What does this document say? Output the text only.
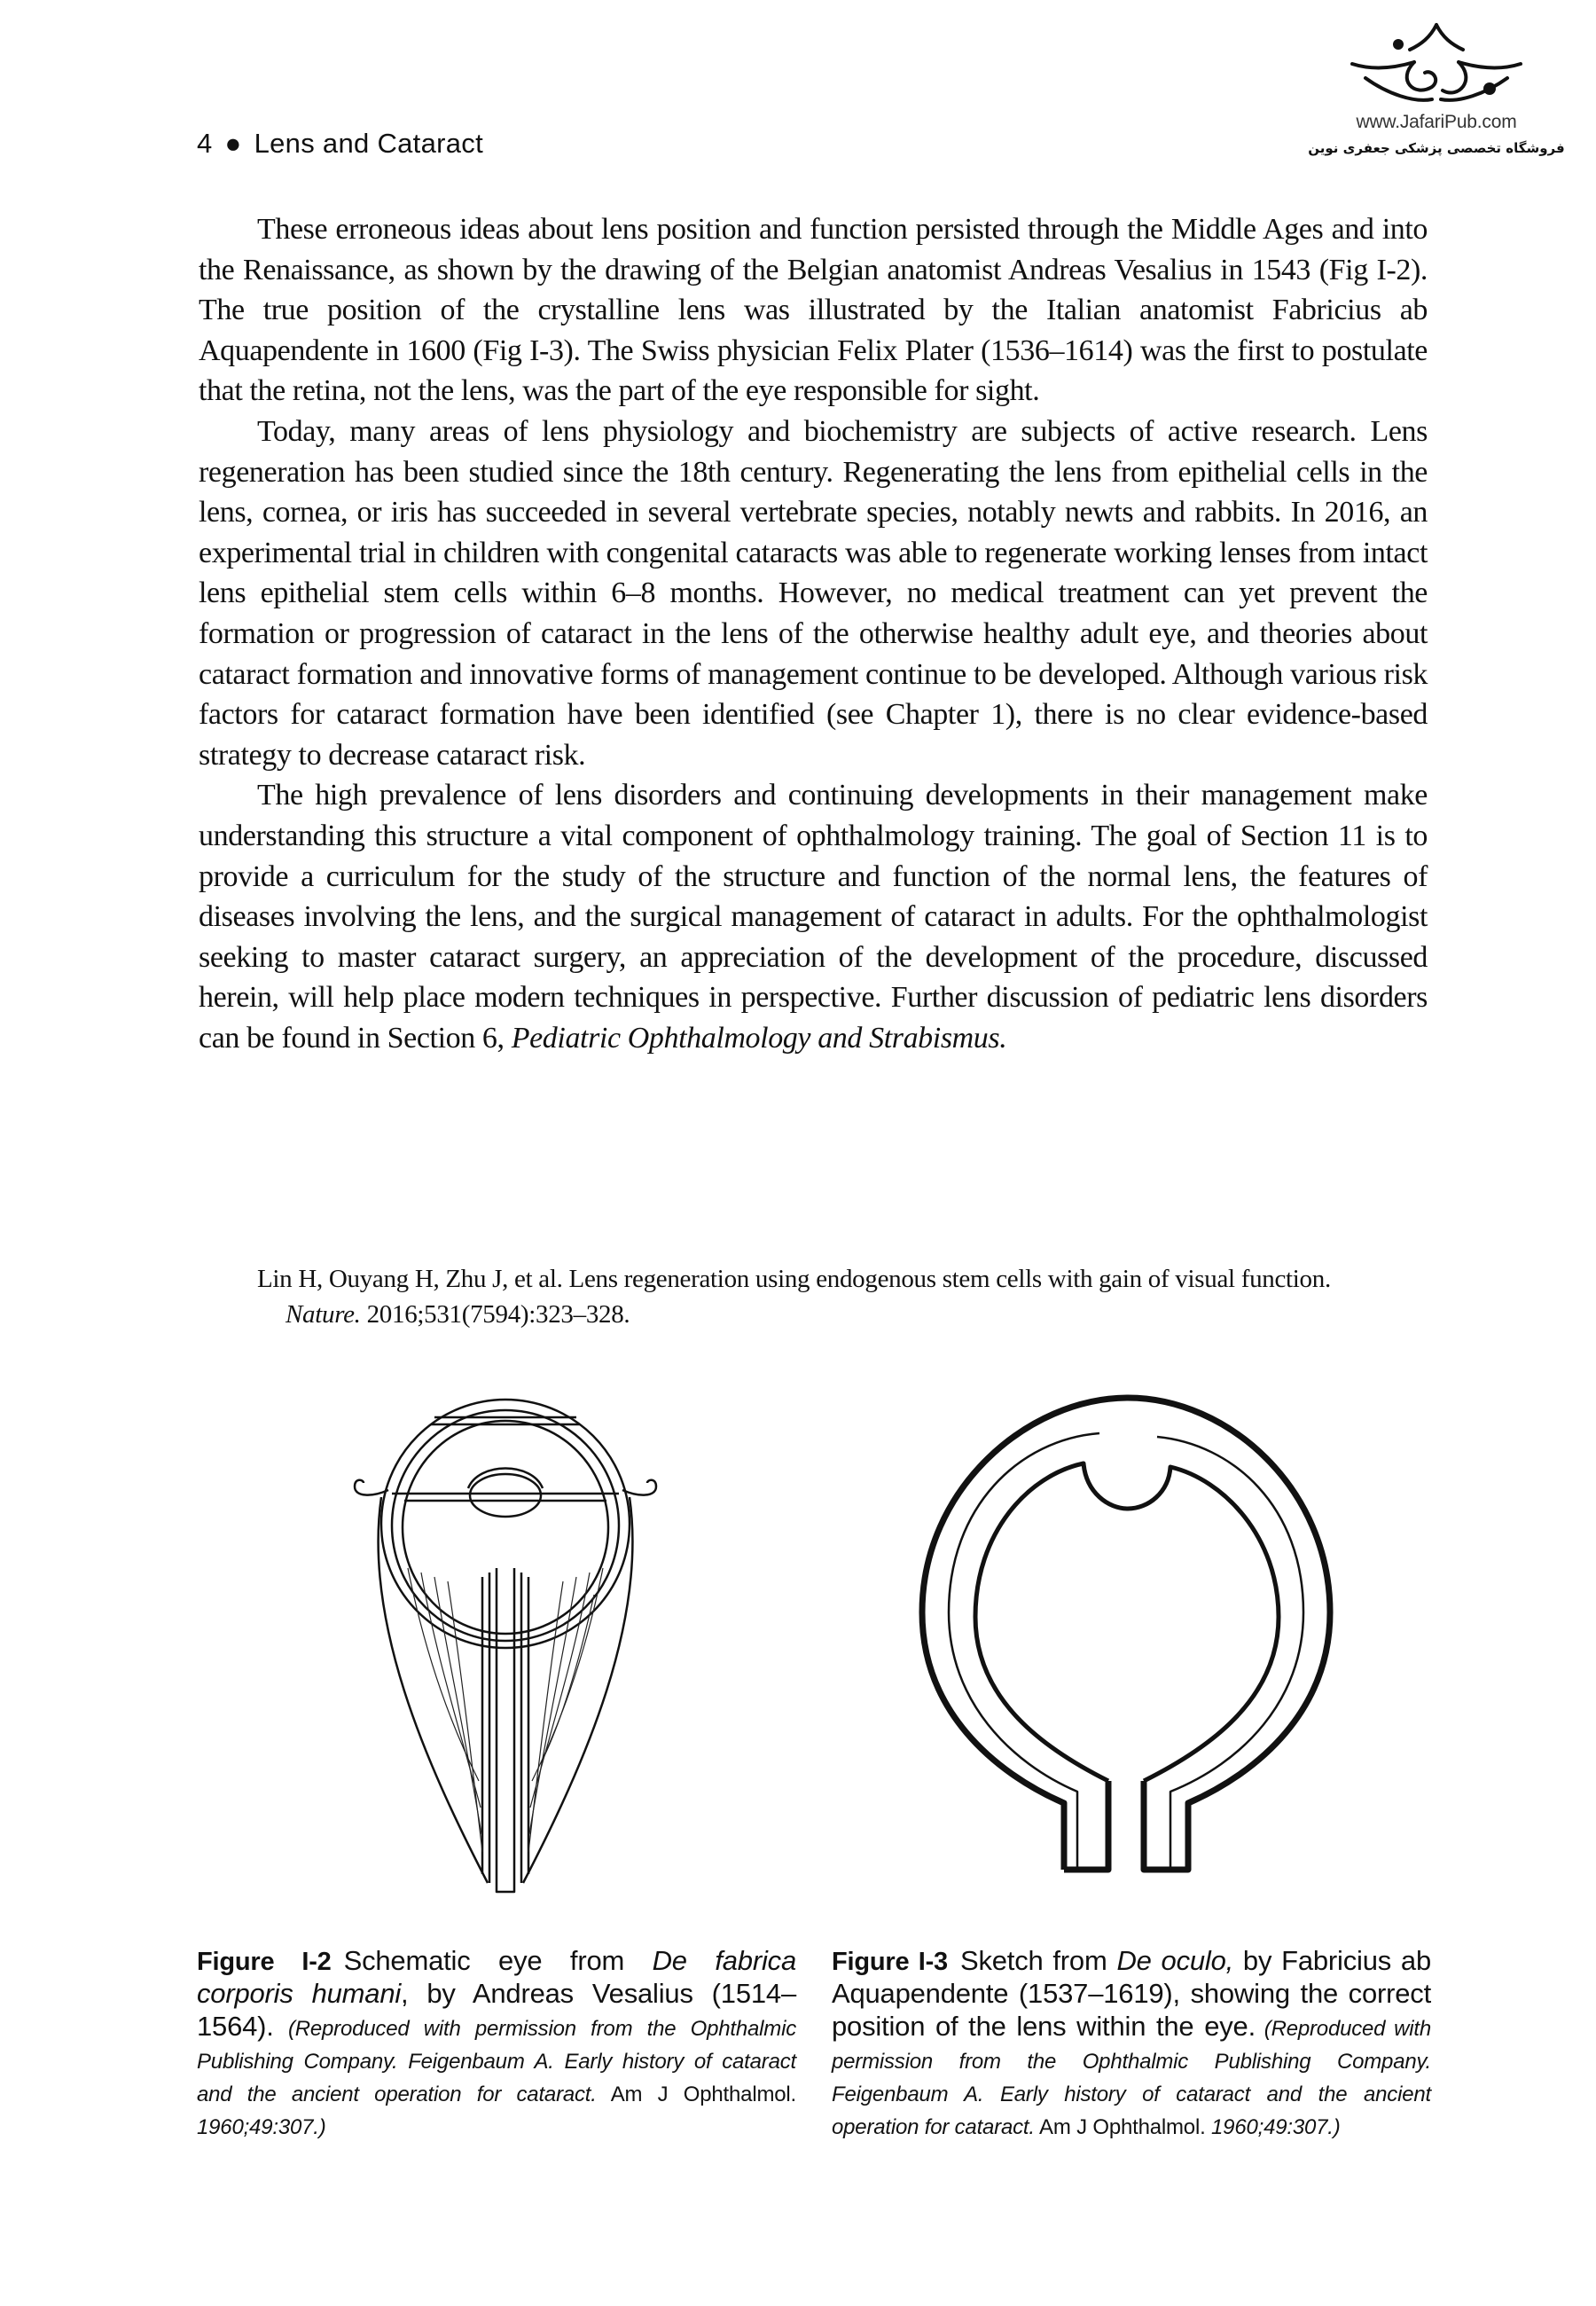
4 ● Lens and Cataract
www.JafariPub.com
فروشگاه تخصصی پزشکی جعفری نوین

These erroneous ideas about lens position and function persisted through the Middle Ages and into the Renaissance, as shown by the drawing of the Belgian anatomist Andreas Vesalius in 1543 (Fig I-2). The true position of the crystalline lens was illustrated by the Italian anatomist Fabricius ab Aquapendente in 1600 (Fig I-3). The Swiss physician Felix Plater (1536–1614) was the first to postulate that the retina, not the lens, was the part of the eye responsible for sight.

Today, many areas of lens physiology and biochemistry are subjects of active research. Lens regeneration has been studied since the 18th century. Regenerating the lens from epithelial cells in the lens, cornea, or iris has succeeded in several vertebrate species, notably newts and rabbits. In 2016, an experimental trial in children with congenital cataracts was able to regenerate working lenses from intact lens epithelial stem cells within 6–8 months. However, no medical treatment can yet prevent the formation or progression of cataract in the lens of the otherwise healthy adult eye, and theories about cataract formation and innovative forms of management continue to be developed. Although various risk factors for cataract formation have been identified (see Chapter 1), there is no clear evidence-based strategy to decrease cataract risk.

The high prevalence of lens disorders and continuing developments in their management make understanding this structure a vital component of ophthalmology training. The goal of Section 11 is to provide a curriculum for the study of the structure and function of the normal lens, the features of diseases involving the lens, and the surgical management of cataract in adults. For the ophthalmologist seeking to master cataract surgery, an appreciation of the development of the procedure, discussed herein, will help place modern techniques in perspective. Further discussion of pediatric lens disorders can be found in Section 6, Pediatric Ophthalmology and Strabismus.

Lin H, Ouyang H, Zhu J, et al. Lens regeneration using endogenous stem cells with gain of visual function. Nature. 2016;531(7594):323–328.
Figure I-2 Schematic eye from De fabrica corporis humani, by Andreas Vesalius (1514–1564). (Reproduced with permission from the Ophthalmic Publishing Company. Feigenbaum A. Early history of cataract and the ancient operation for cataract. Am J Ophthalmol. 1960;49:307.)
Figure I-3 Sketch from De oculo, by Fabricius ab Aquapendente (1537–1619), showing the correct position of the lens within the eye. (Reproduced with permission from the Ophthalmic Publishing Company. Feigenbaum A. Early history of cataract and the ancient operation for cataract. Am J Ophthalmol. 1960;49:307.)
